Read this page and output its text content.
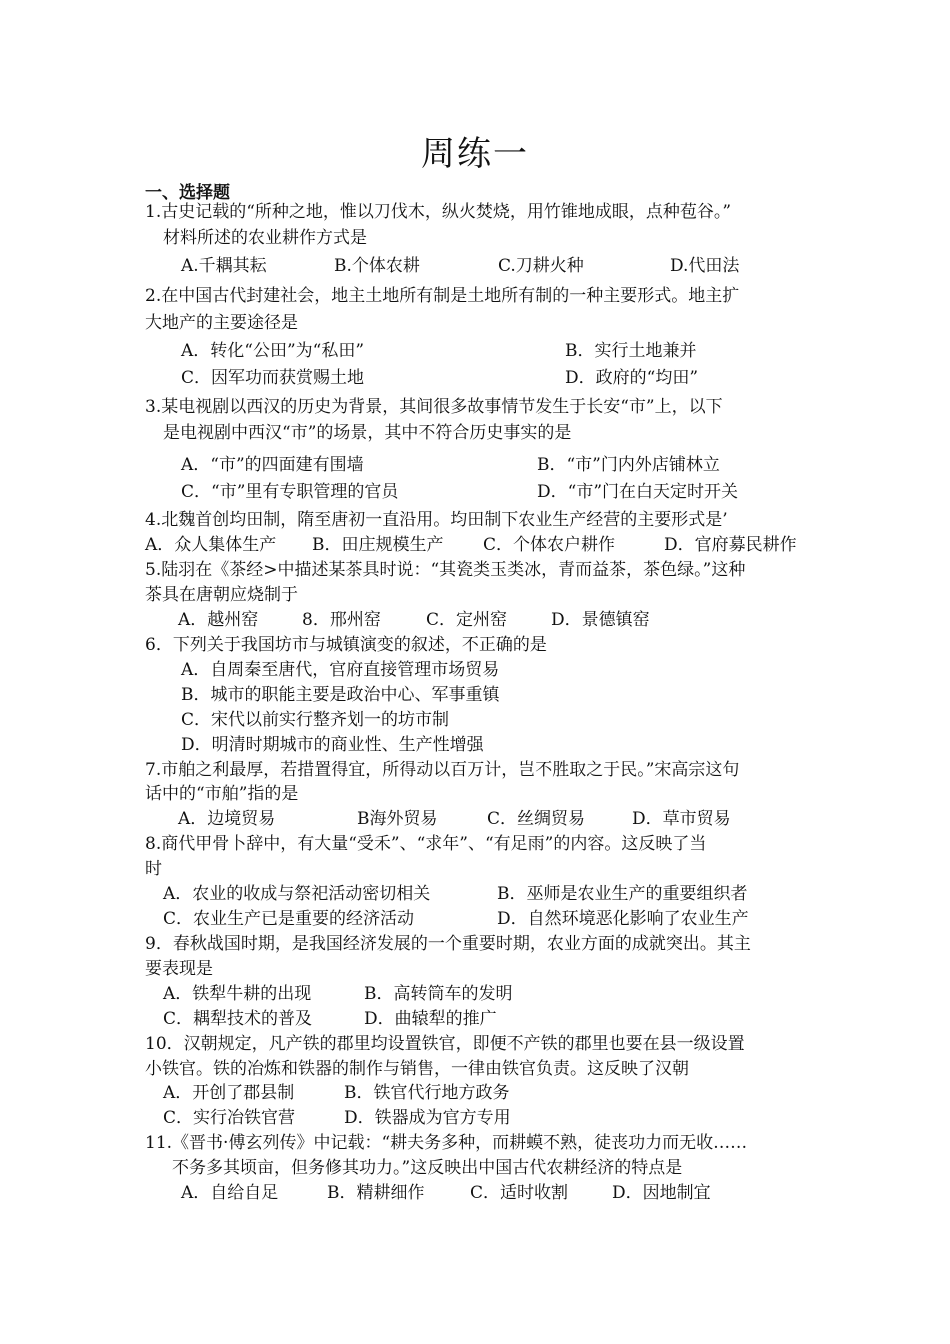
周练一
一、选择题
1.古史记载的“所种之地，惟以刀伐木，纵火焚烧，用竹锥地成眼，点种苞谷。”
材料所述的农业耕作方式是
A.千耦其耘	B.个体农耕	C.刀耕火种	D.代田法
2.在中国古代封建社会，地主土地所有制是土地所有制的一种主要形式。地主扩
大地产的主要途径是
A．转化“公田”为“私田”	B．实行土地兼并
C．因军功而获赏赐土地	D．政府的“均田”
3.某电视剧以西汉的历史为背景，其间很多故事情节发生于长安“市”上，以下
是电视剧中西汉“市”的场景，其中不符合历史事实的是
A．“市”的四面建有围墙	B．“市”门内外店铺林立
C．“市”里有专职管理的官员	D．“市”门在白天定时开关
4.北魏首创均田制，隋至唐初一直沿用。均田制下农业生产经营的主要形式是’
A．众人集体生产 B．田庄规模生产 C．个体农户耕作	D．官府募民耕作
5.陆羽在《茶经>中描述某茶具时说：“其瓷类玉类冰，青而益茶，茶色绿。”这种
茶具在唐朝应烧制于
A．越州窑	8．邢州窑	C．定州窑	D．景德镇窑
6．下列关于我国坊市与城镇演变的叙述，不正确的是
A．自周秦至唐代，官府直接管理市场贸易
B．城市的职能主要是政治中心、军事重镇
C．宋代以前实行整齐划一的坊市制
D．明清时期城市的商业性、生产性增强
7.市舶之利最厚，若措置得宜，所得动以百万计，岂不胜取之于民。”宋高宗这句
话中的“市舶”指的是
A．边境贸易	B海外贸易	C．丝绸贸易	D．草市贸易
8.商代甲骨卜辞中，有大量“受禾”、“求年”、“有足雨”的内容。这反映了当
时
A．农业的收成与祭祀活动密切相关	B．巫师是农业生产的重要组织者
C．农业生产已是重要的经济活动	D．自然环境恶化影响了农业生产
9．春秋战国时期，是我国经济发展的一个重要时期，农业方面的成就突出。其主
要表现是
A．铁犁牛耕的出现	B．高转筒车的发明
C．耦犁技术的普及	D．曲辕犁的推广
10．汉朝规定，凡产铁的郡里均设置铁官，即便不产铁的郡里也要在县一级设置
小铁官。铁的冶炼和铁器的制作与销售，一律由铁官负责。这反映了汉朝
A．开创了郡县制	B．铁官代行地方政务
C．实行冶铁官营	D．铁器成为官方专用
11.《晋书·傅玄列传》中记载：“耕夫务多种，而耕蟆不熟，徒丧功力而无收……
不务多其顷亩，但务修其功力。”这反映出中国古代农耕经济的特点是
A．自给自足	B．精耕细作	C．适时收割	D．因地制宜
